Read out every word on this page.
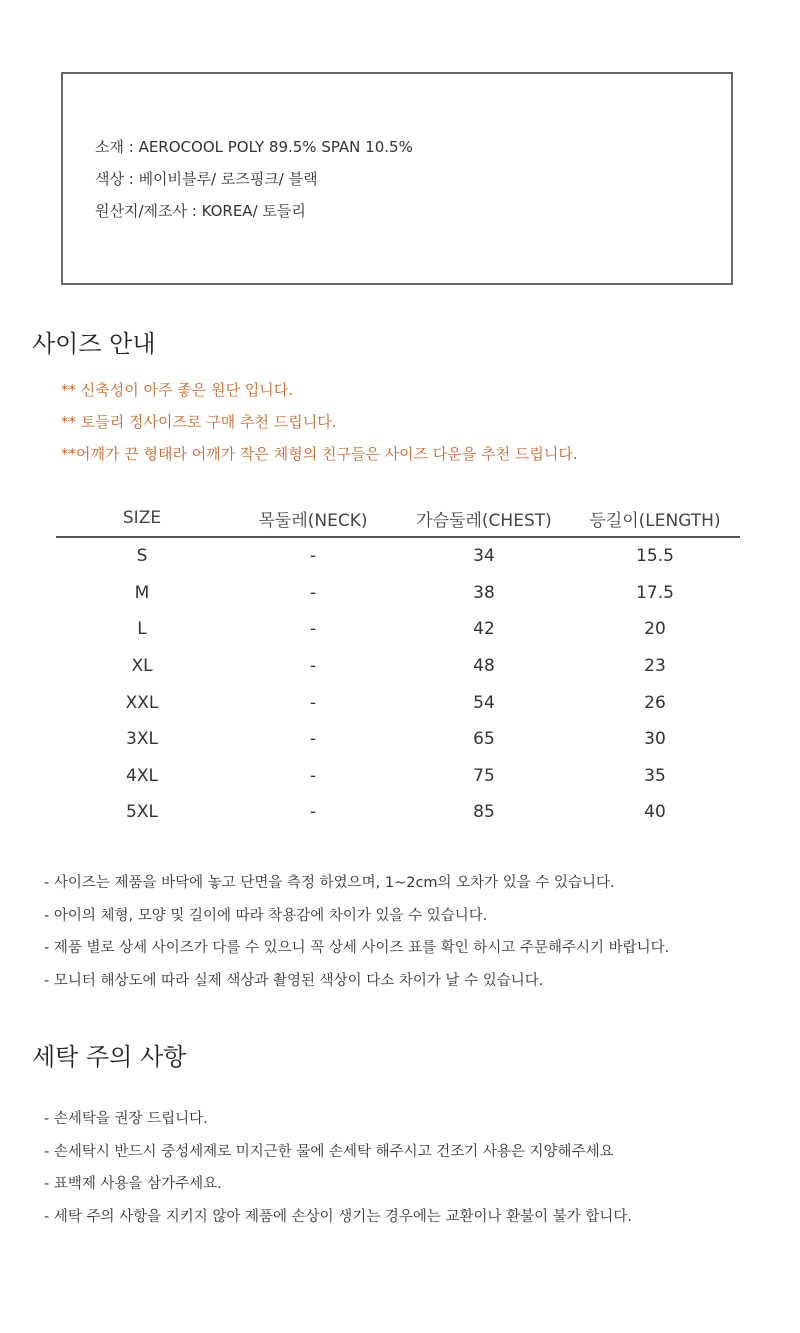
소재 : AEROCOOL POLY 89.5% SPAN 10.5%
색상 : 베이비블루/ 로즈핑크/ 블랙
원산지/제조사 : KOREA/ 토들리
사이즈 안내
** 신축성이 아주 좋은 원단 입니다.
** 토들리 정사이즈로 구매 추천 드립니다.
**어깨가 끈 형태라 어깨가 작은 체형의 친구들은 사이즈 다운을 추천 드립니다.
SIZE	목둘레(NECK)	가슴둘레(CHEST)	등길이(LENGTH)
S	-	34	15.5
M	-	38	17.5
L	-	42	20
XL	-	48	23
XXL	-	54	26
3XL	-	65	30
4XL	-	75	35
5XL	-	85	40
- 사이즈는 제품을 바닥에 놓고 단면을 측정 하였으며, 1~2cm의 오차가 있을 수 있습니다.
- 아이의 체형, 모양 및 길이에 따라 착용감에 차이가 있을 수 있습니다.
- 제품 별로 상세 사이즈가 다를 수 있으니 꼭 상세 사이즈 표를 확인 하시고 주문해주시기 바랍니다.
- 모니터 해상도에 따라 실제 색상과 촬영된 색상이 다소 차이가 날 수 있습니다.
세탁 주의 사항
- 손세탁을 권장 드립니다.
- 손세탁시 반드시 중성세제로 미지근한 물에 손세탁 해주시고 건조기 사용은 지양해주세요
- 표백제 사용을 삼가주세요.
- 세탁 주의 사항을 지키지 않아 제품에 손상이 생기는 경우에는 교환이나 환불이 불가 합니다.
